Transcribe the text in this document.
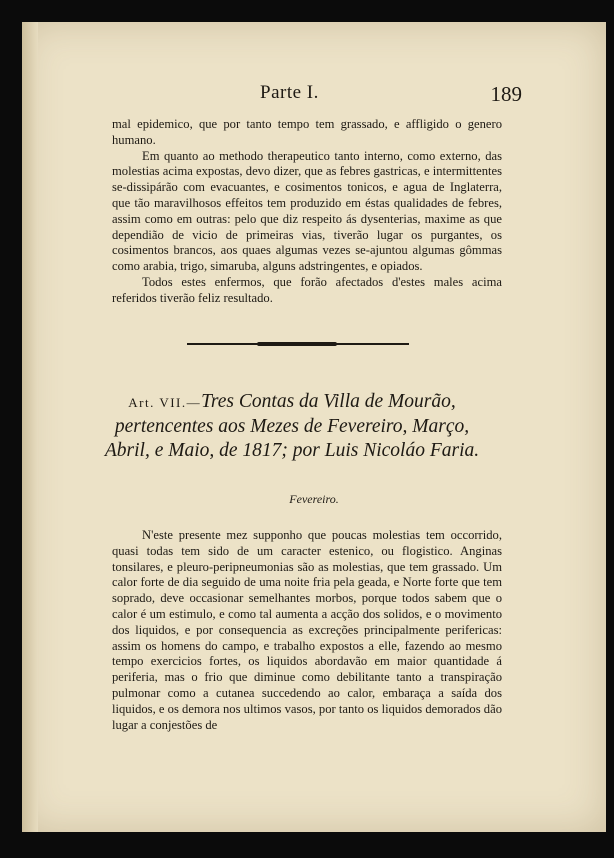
Parte I.	189

mal epidemico, que por tanto tempo tem grassado, e affligido o genero humano.

Em quanto ao methodo therapeutico tanto interno, como externo, das molestias acima expostas, devo dizer, que as febres gastricas, e intermittentes se-dissipárão com evacuantes, e cosimentos tonicos, e agua de Inglaterra, que tão maravilhosos effeitos tem produzido em éstas qualidades de febres, assim como em outras: pelo que diz respeito ás dysenterias, maxime as que dependião de vicio de primeiras vias, tiverão lugar os purgantes, os cosimentos brancos, aos quaes algumas vezes se-ajuntou algumas gômmas como arabia, trigo, simaruba, alguns adstringentes, e opiados.

Todos estes enfermos, que forão afectados d'estes males acima referidos tiverão feliz resultado.

Art. VII.—Tres Contas da Villa de Mourão, pertencentes aos Mezes de Fevereiro, Março, Abril, e Maio, de 1817; por Luis Nicoláo Faria.

Fevereiro.

N'este presente mez supponho que poucas molestias tem occorrido, quasi todas tem sido de um caracter estenico, ou flogistico. Anginas tonsilares, e pleuro-peripneumonias são as molestias, que tem grassado. Um calor forte de dia seguido de uma noite fria pela geada, e Norte forte que tem soprado, deve occasionar semelhantes morbos, porque todos sabem que o calor é um estimulo, e como tal aumenta a acção dos solidos, e o movimento dos liquidos, e por consequencia as excreções principalmente perifericas: assim os homens do campo, e trabalho expostos a elle, fazendo ao mesmo tempo exercicios fortes, os liquidos abordavão em maior quantidade á periferia, mas o frio que diminue como debilitante tanto a transpiração pulmonar como a cutanea succedendo ao calor, embaraça a saída dos liquidos, e os demora nos ultimos vasos, por tanto os liquidos demorados dão lugar a conjestões de
